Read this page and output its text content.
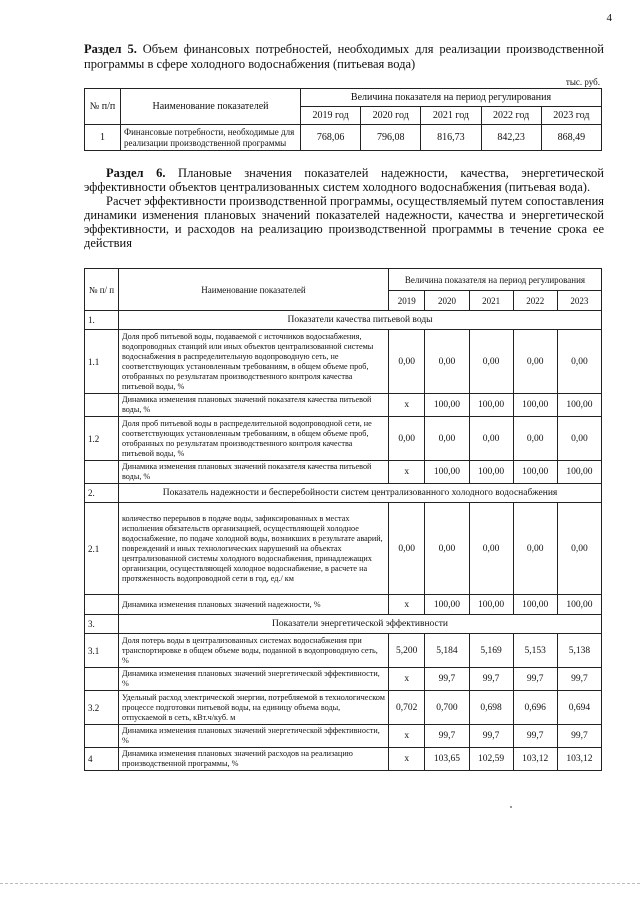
4
Раздел 5. Объем финансовых потребностей, необходимых для реализации производственной программы в сфере холодного водоснабжения (питьевая вода)
тыс. руб.
№ п/п	Наименование показателей	Величина показателя на период регулирования				
		2019 год	2020 год	2021 год	2022 год	2023 год
1	Финансовые потребности, необходимые для реализации производственной программы	768,06	796,08	816,73	842,23	868,49

Раздел 6. Плановые значения показателей надежности, качества, энергетической эффективности объектов централизованных систем холодного водоснабжения (питьевая вода).

Расчет эффективности производственной программы, осуществляемый путем сопоставления динамики изменения плановых значений показателей надежности, качества и энергетической эффективности, и расходов на реализацию производственной программы в течение срока ее действия

№ п/ п	Наименование показателей	Величина показателя на период регулирования				
		2019	2020	2021	2022	2023
1.	Показатели качества питьевой воды					
1.1	Доля проб питьевой воды, подаваемой с источников водоснабжения, водопроводных станций или иных объектов централизованной системы водоснабжения в распределительную водопроводную сеть, не соответствующих установленным требованиям, в общем объеме проб, отобранных по результатам производственного контроля качества питьевой воды, %	0,00	0,00	0,00	0,00	0,00
	Динамика изменения плановых значений показателя качества питьевой воды, %	x	100,00	100,00	100,00	100,00
1.2	Доля проб питьевой воды в распределительной водопроводной сети, не соответствующих установленным требованиям, в общем объеме проб, отобранных по результатам производственного контроля качества питьевой воды, %	0,00	0,00	0,00	0,00	0,00
	Динамика изменения плановых значений показателя качества питьевой воды, %	x	100,00	100,00	100,00	100,00
2.	Показатель надежности и бесперебойности систем централизованного холодного водоснабжения					
2.1	количество перерывов в подаче воды, зафиксированных в местах исполнения обязательств организацией, осуществляющей холодное водоснабжение, по подаче холодной воды, возникших в результате аварий, повреждений и иных технологических нарушений на объектах централизованной системы холодного водоснабжения, принадлежащих организации, осуществляющей холодное водоснабжение, в расчете на протяженность водопроводной сети в год, ед./ км	0,00	0,00	0,00	0,00	0,00
	Динамика изменения плановых значений надежности, %	x	100,00	100,00	100,00	100,00
3.	Показатели энергетической эффективности					
3.1	Доля потерь воды в централизованных системах водоснабжения при транспортировке в общем объеме воды, поданной в водопроводную сеть, %	5,200	5,184	5,169	5,153	5,138
	Динамика изменения плановых значений энергетической эффективности, %	x	99,7	99,7	99,7	99,7
3.2	Удельный расход электрической энергии, потребляемой в технологическом процессе подготовки питьевой воды, на единицу объема воды, отпускаемой в сеть, кВт.ч/куб. м	0,702	0,700	0,698	0,696	0,694
	Динамика изменения плановых значений энергетической эффективности, %	x	99,7	99,7	99,7	99,7
4	Динамика изменения плановых значений расходов на реализацию производственной программы, %	x	103,65	102,59	103,12	103,12
